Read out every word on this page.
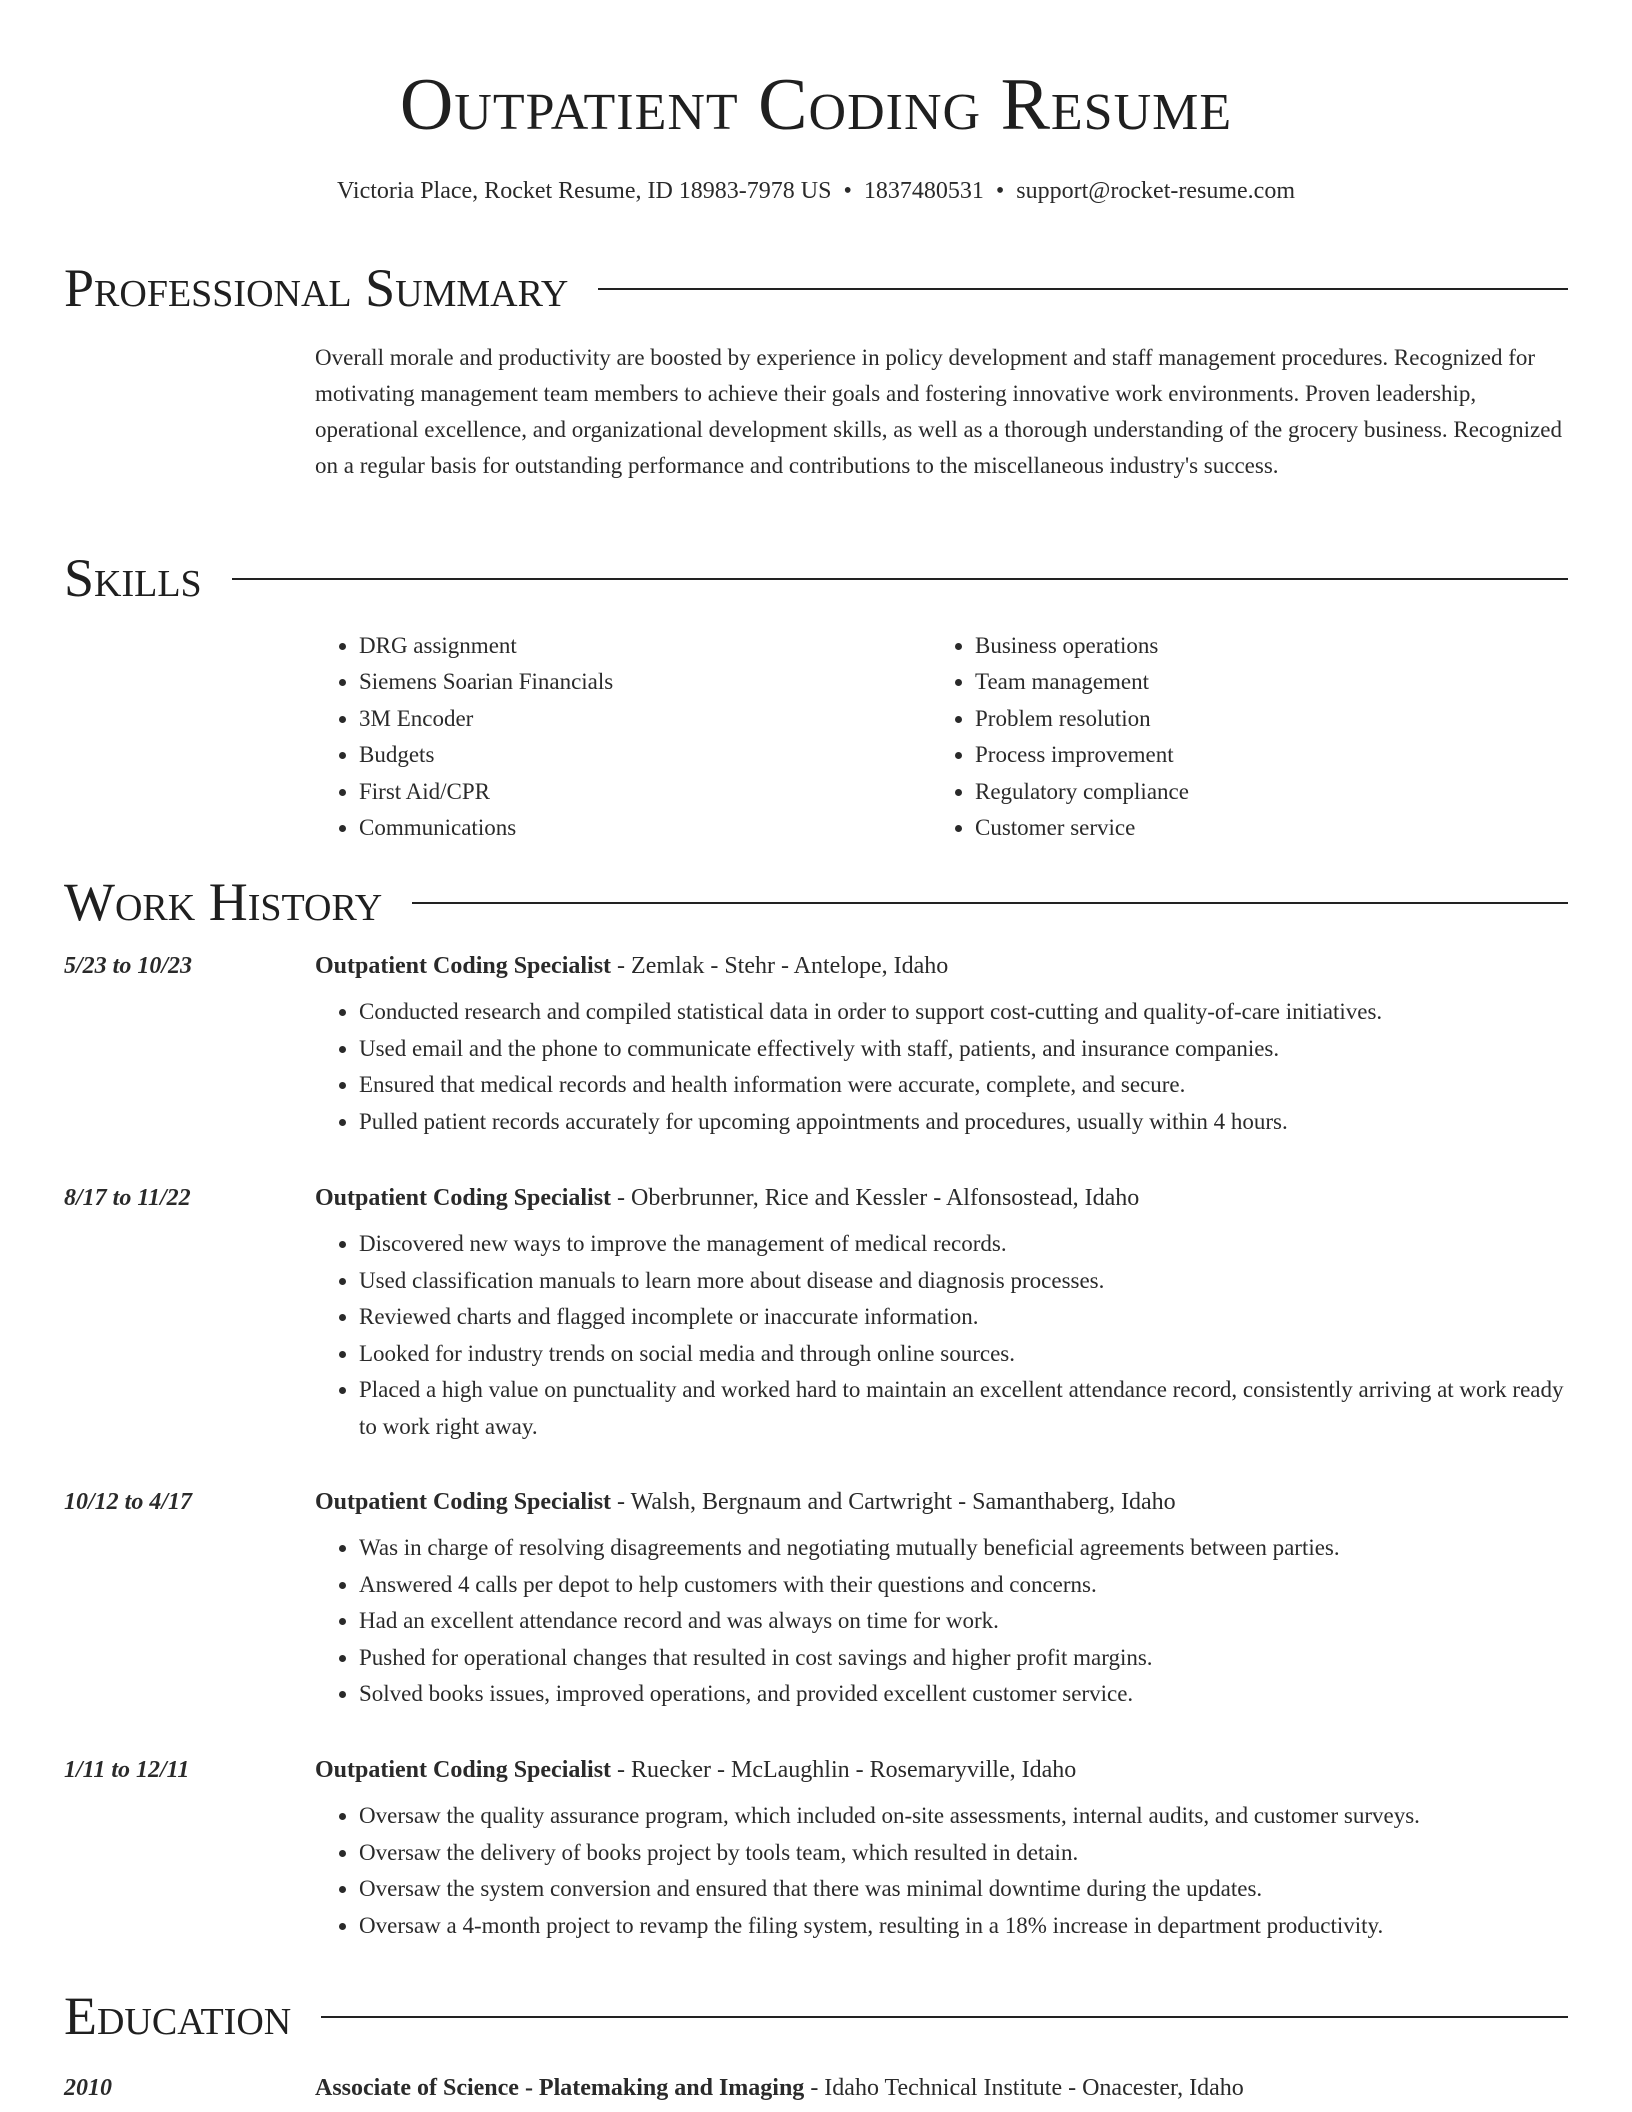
Outpatient Coding Resume
Victoria Place, Rocket Resume, ID 18983-7978 US • 1837480531 • support@rocket-resume.com
Professional Summary

Overall morale and productivity are boosted by experience in policy development and staff management procedures. Recognized for motivating management team members to achieve their goals and fostering innovative work environments. Proven leadership, operational excellence, and organizational development skills, as well as a thorough understanding of the grocery business. Recognized on a regular basis for outstanding performance and contributions to the miscellaneous industry's success.

Skills
• DRG assignment
• Siemens Soarian Financials
• 3M Encoder
• Budgets
• First Aid/CPR
• Communications
• Business operations
• Team management
• Problem resolution
• Process improvement
• Regulatory compliance
• Customer service
Work History
5/23 to 10/23	Outpatient Coding Specialist - Zemlak - Stehr - Antelope, Idaho
• Conducted research and compiled statistical data in order to support cost-cutting and quality-of-care initiatives.
• Used email and the phone to communicate effectively with staff, patients, and insurance companies.
• Ensured that medical records and health information were accurate, complete, and secure.
• Pulled patient records accurately for upcoming appointments and procedures, usually within 4 hours.
8/17 to 11/22	Outpatient Coding Specialist - Oberbrunner, Rice and Kessler - Alfonsostead, Idaho
• Discovered new ways to improve the management of medical records.
• Used classification manuals to learn more about disease and diagnosis processes.
• Reviewed charts and flagged incomplete or inaccurate information.
• Looked for industry trends on social media and through online sources.
• Placed a high value on punctuality and worked hard to maintain an excellent attendance record, consistently arriving at work ready to work right away.
10/12 to 4/17	Outpatient Coding Specialist - Walsh, Bergnaum and Cartwright - Samanthaberg, Idaho
• Was in charge of resolving disagreements and negotiating mutually beneficial agreements between parties.
• Answered 4 calls per depot to help customers with their questions and concerns.
• Had an excellent attendance record and was always on time for work.
• Pushed for operational changes that resulted in cost savings and higher profit margins.
• Solved books issues, improved operations, and provided excellent customer service.
1/11 to 12/11	Outpatient Coding Specialist - Ruecker - McLaughlin - Rosemaryville, Idaho
• Oversaw the quality assurance program, which included on-site assessments, internal audits, and customer surveys.
• Oversaw the delivery of books project by tools team, which resulted in detain.
• Oversaw the system conversion and ensured that there was minimal downtime during the updates.
• Oversaw a 4-month project to revamp the filing system, resulting in a 18% increase in department productivity.
Education
2010	Associate of Science - Platemaking and Imaging - Idaho Technical Institute - Onacester, Idaho
